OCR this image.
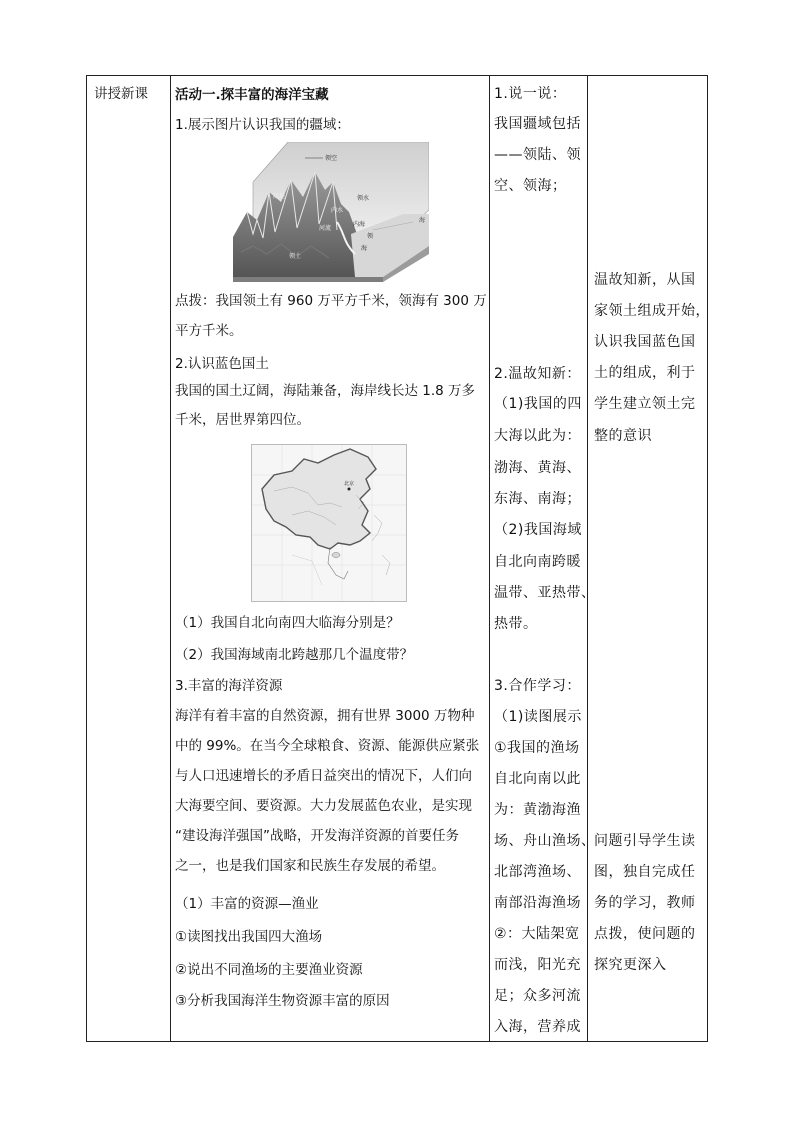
讲授新课 活动一.探丰富的海洋宝藏
1.展示图片认识我国的疆域：
领空
领水
陆地
内水
内海
河流
领
海
海
领土
点拨：我国领土有 960 万平方千米，领海有 300 万
平方千米。
2.认识蓝色国土
我国的国土辽阔，海陆兼备，海岸线长达 1.8 万多
千米，居世界第四位。
北京
（1）我国自北向南四大临海分别是？
（2）我国海域南北跨越那几个温度带？
3.丰富的海洋资源
海洋有着丰富的自然资源，拥有世界 3000 万物种
中的 99%。在当今全球粮食、资源、能源供应紧张
与人口迅速增长的矛盾日益突出的情况下，人们向
大海要空间、要资源。大力发展蓝色农业，是实现
“建设海洋强国”战略，开发海洋资源的首要任务
之一，也是我们国家和民族生存发展的希望。
（1）丰富的资源—渔业
①读图找出我国四大渔场
②说出不同渔场的主要渔业资源
③分析我国海洋生物资源丰富的原因
1.说一说：
我国疆域包括
——领陆、领
空、领海；
2.温故知新：
（1)我国的四
大海以此为：
渤海、黄海、
东海、南海；
（2)我国海域
自北向南跨暖
温带、亚热带、
热带。
3.合作学习：
（1)读图展示
①我国的渔场
自北向南以此
为：黄渤海渔
场、舟山渔场、
北部湾渔场、
南部沿海渔场
②：大陆架宽
而浅，阳光充
足；众多河流
入海，营养成
温故知新，从国
家领土组成开始，
认识我国蓝色国
土的组成，利于
学生建立领土完
整的意识
问题引导学生读
图，独自完成任
务的学习，教师
点拨，使问题的
探究更深入
